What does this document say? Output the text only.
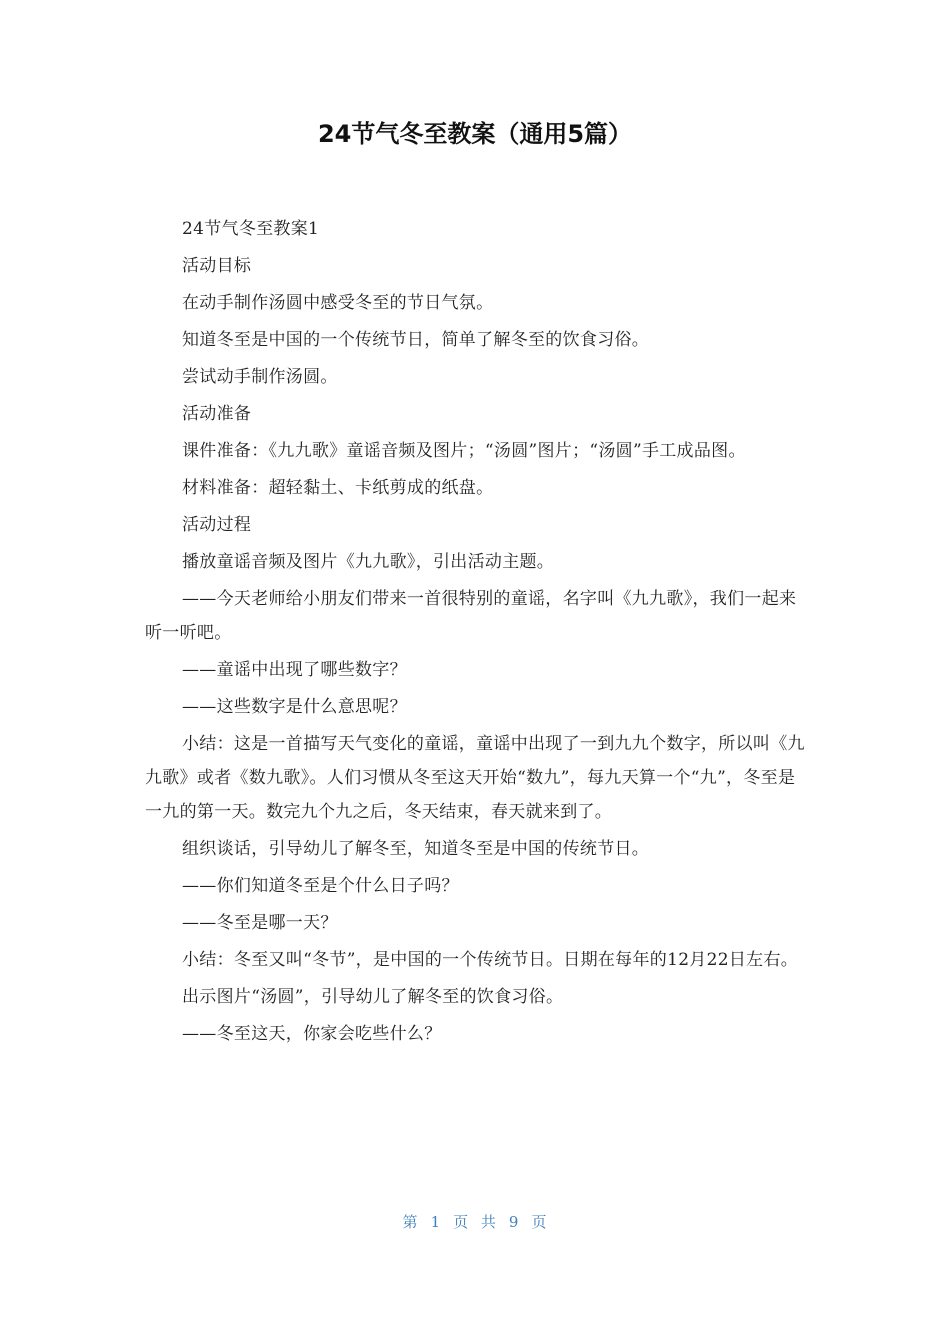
24节气冬至教案（通用5篇）

24节气冬至教案1

活动目标

在动手制作汤圆中感受冬至的节日气氛。

知道冬至是中国的一个传统节日，简单了解冬至的饮食习俗。

尝试动手制作汤圆。

活动准备

课件准备：《九九歌》童谣音频及图片；“汤圆”图片；“汤圆”手工成品图。

材料准备：超轻黏土、卡纸剪成的纸盘。

活动过程

播放童谣音频及图片《九九歌》，引出活动主题。

——今天老师给小朋友们带来一首很特别的童谣，名字叫《九九歌》，我们一起来听一听吧。

——童谣中出现了哪些数字？

——这些数字是什么意思呢？

小结：这是一首描写天气变化的童谣，童谣中出现了一到九九个数字，所以叫《九九歌》或者《数九歌》。人们习惯从冬至这天开始“数九”，每九天算一个“九”，冬至是一九的第一天。数完九个九之后，冬天结束，春天就来到了。

组织谈话，引导幼儿了解冬至，知道冬至是中国的传统节日。

——你们知道冬至是个什么日子吗？

——冬至是哪一天？

小结：冬至又叫“冬节”，是中国的一个传统节日。日期在每年的12月22日左右。

出示图片“汤圆”，引导幼儿了解冬至的饮食习俗。

——冬至这天，你家会吃些什么？

第 1 页 共 9 页
